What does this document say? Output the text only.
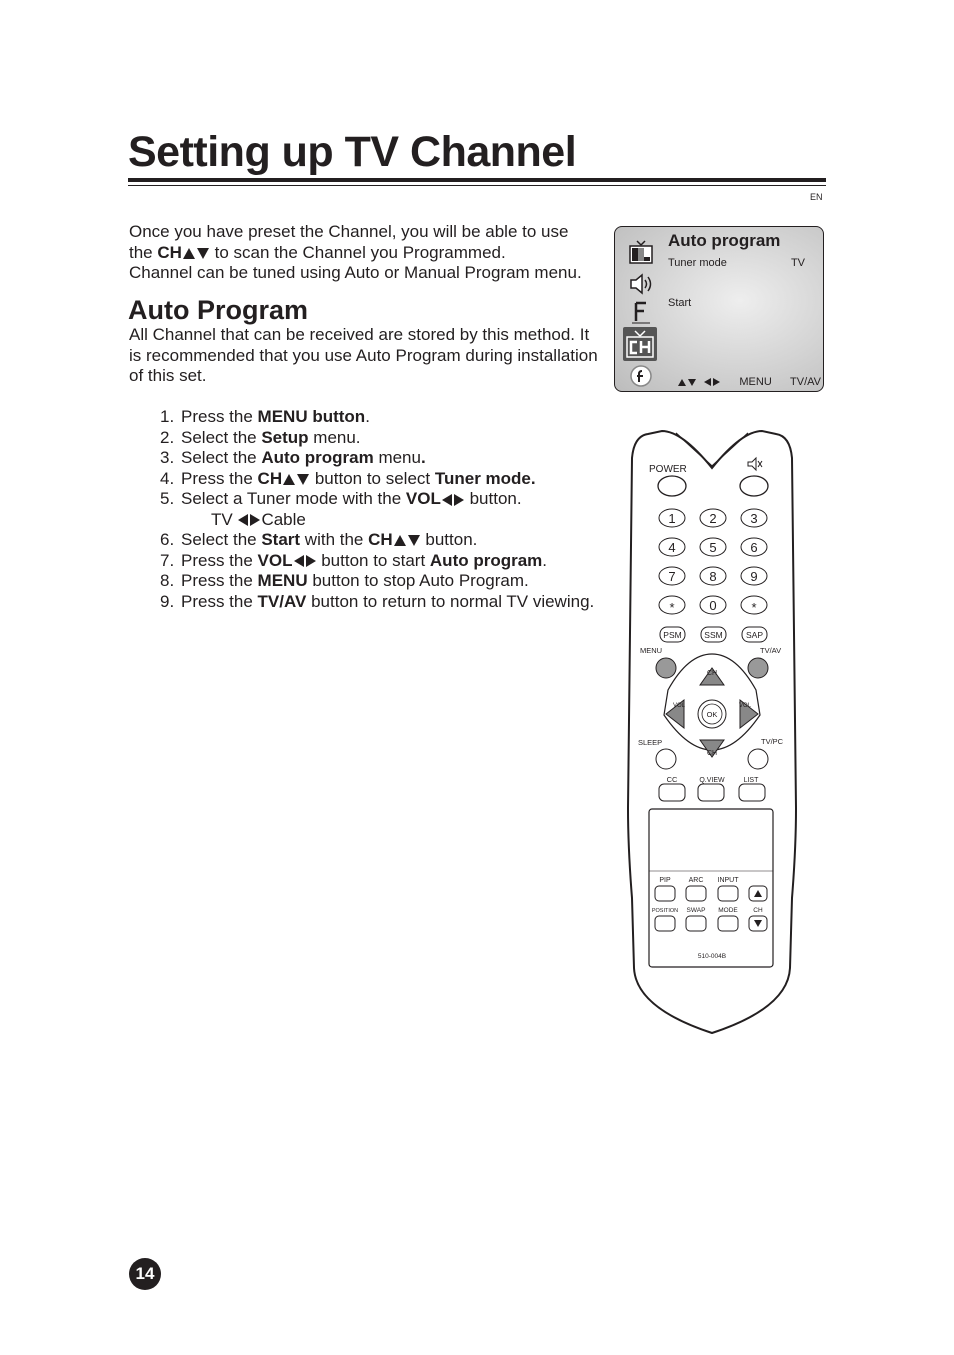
Setting up TV Channel
EN

Once you have preset the Channel, you will be able to use
the CH to scan the Channel you Programmed.
Channel can be tuned using Auto or Manual Program menu.

Auto Program

All Channel that can be received are stored by this method. It is recommended that you use Auto Program during installation of this set.

1. Press the MENU button.
2. Select the Setup menu.
3. Select the Auto program menu.
4. Press the CH button to select Tuner mode.
5. Select a Tuner mode with the VOL button.
TV Cable
6. Select the Start with the CH button.
7. Press the VOL button to start Auto program.
8. Press the MENU button to stop Auto Program.
9. Press the TV/AV button to return to normal TV viewing.
Auto program
Tuner mode	TV
Start

MENU TV/AV
POWER
1	2	3
4	5	6
7	8	9
*	0	*
PSM	SSM	SAP
MENU	TV/AV
CH
CH
VOL	VOL
OK
SLEEP	TV/PC
CC	Q.VIEW	LIST
PIP	ARC INPUT
POSITION SWAP MODE CH
510-004B
14
